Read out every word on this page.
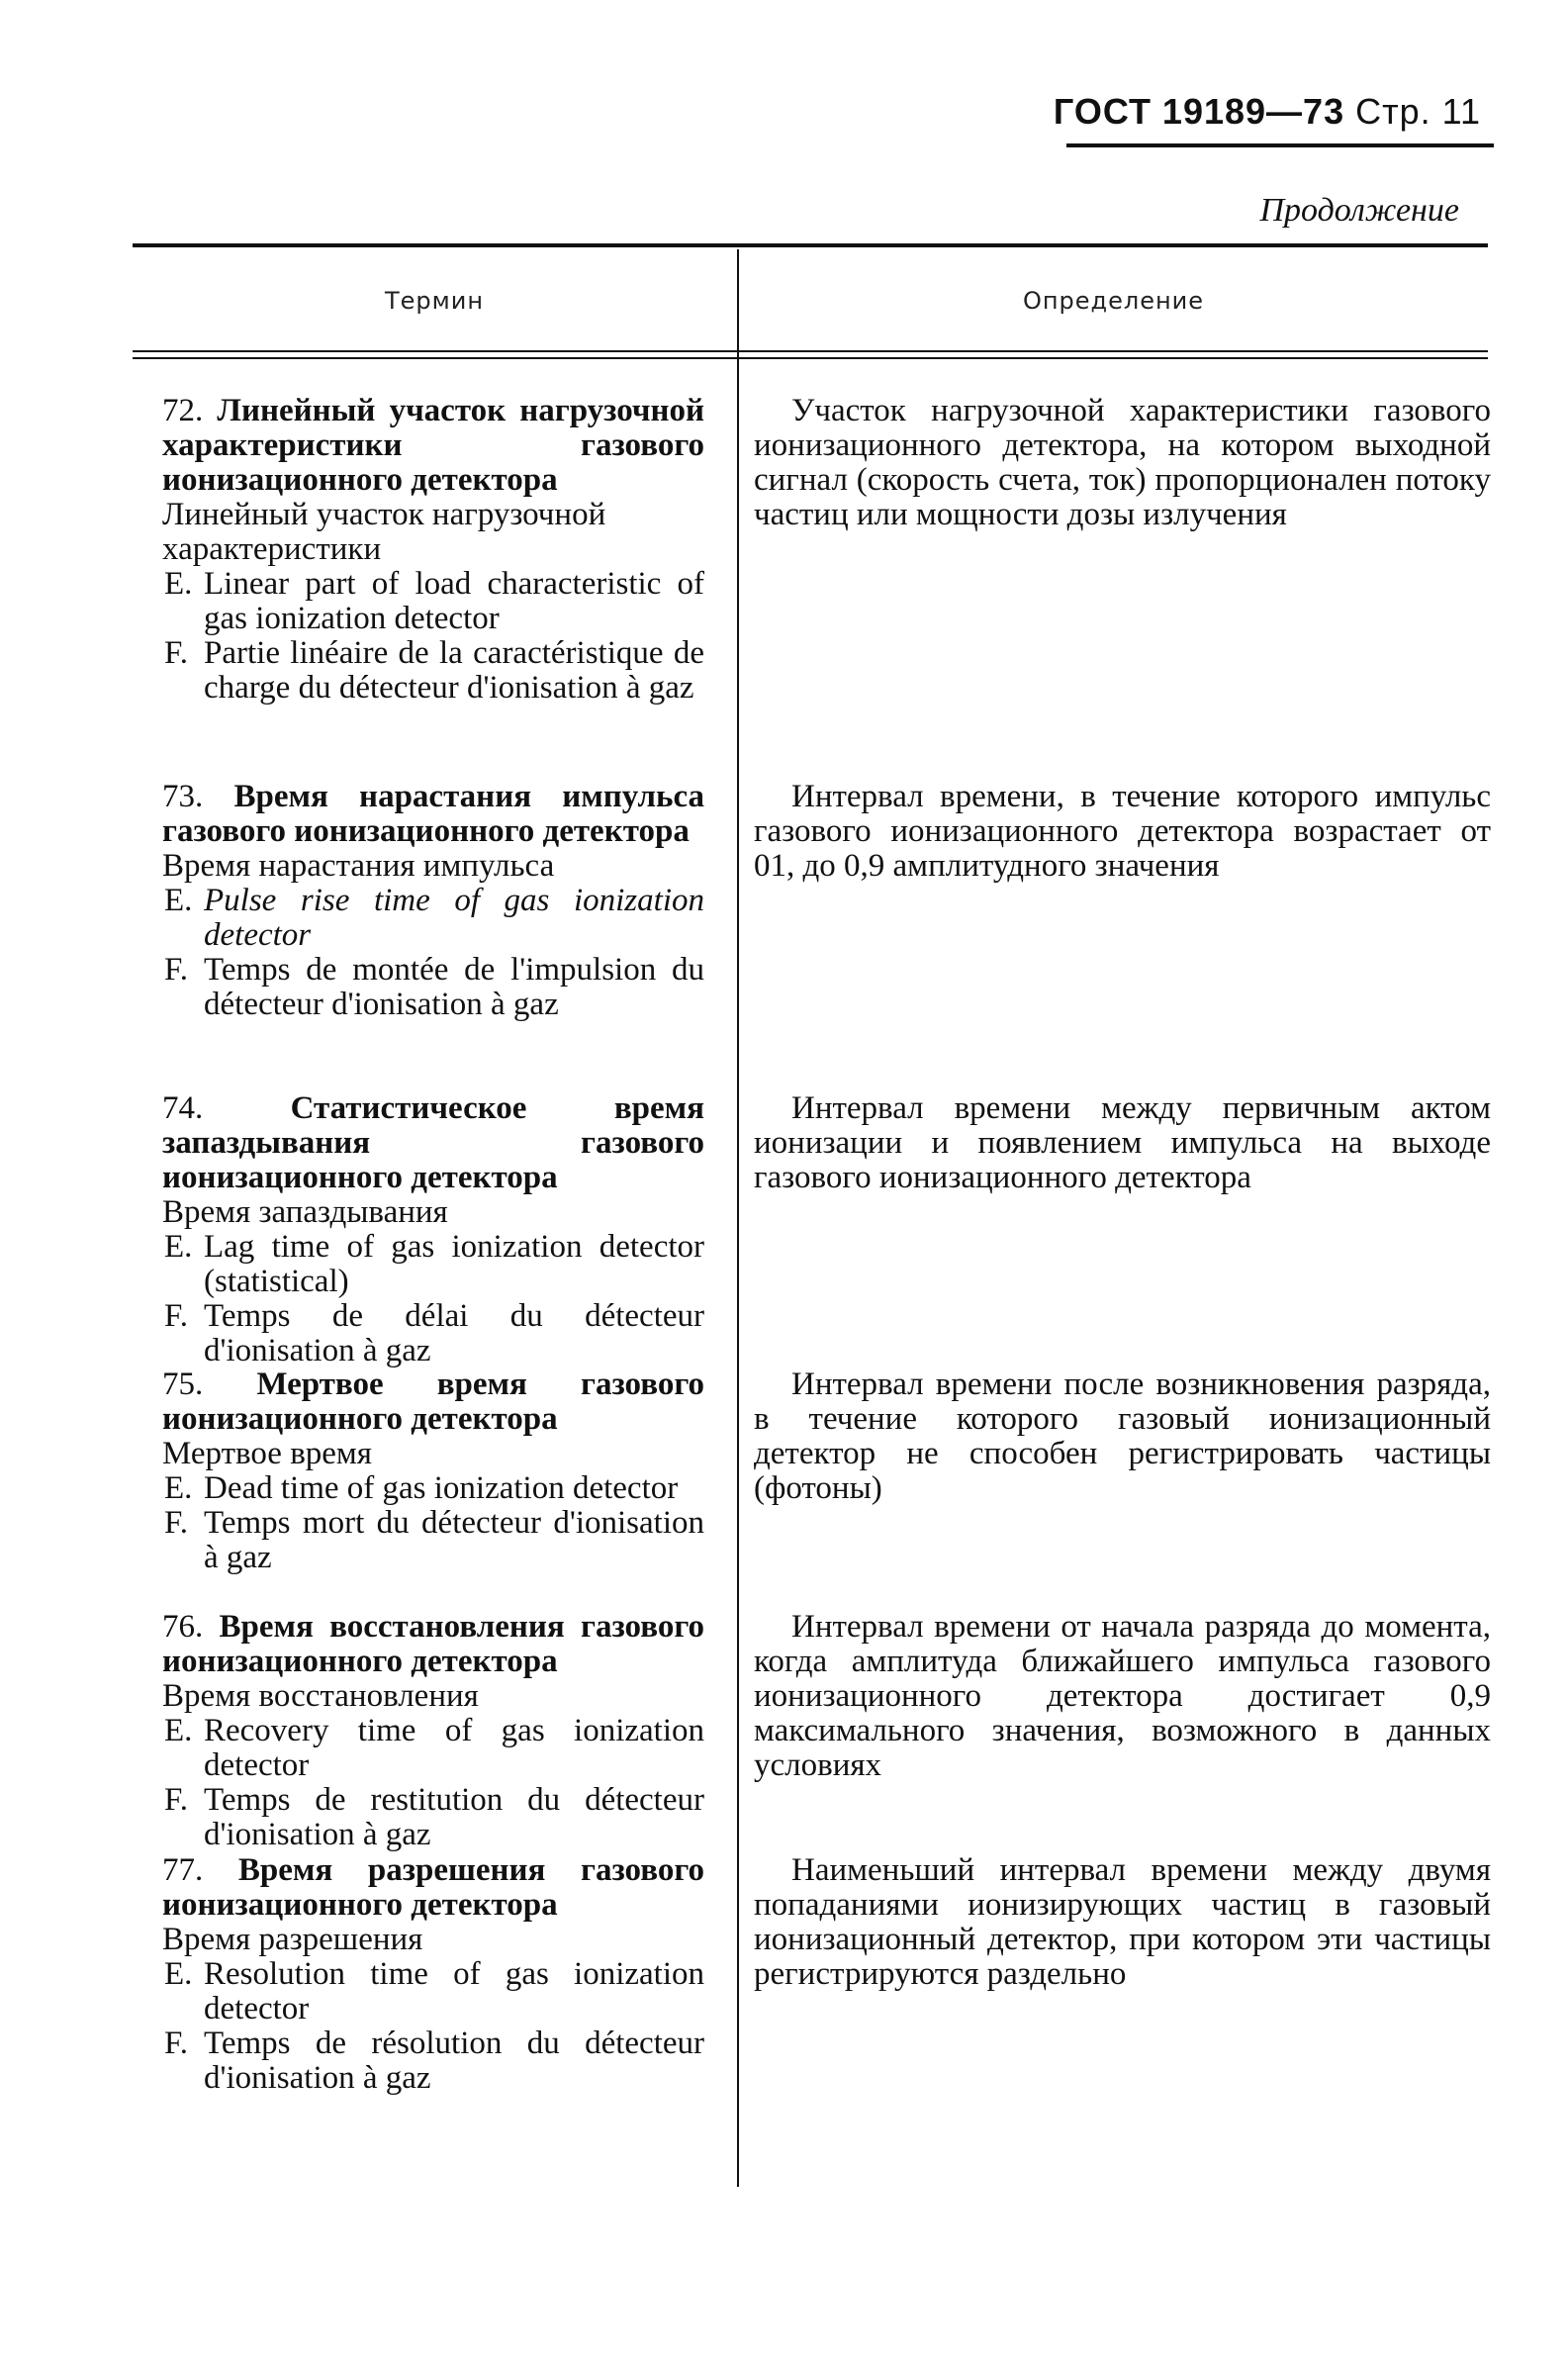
ГОСТ 19189—73 Стр. 11
Продолжение
Термин	Определение
72. Линейный участок нагрузочной характеристики газового ионизационного детектора
Линейный участок нагрузочной характеристики
E. Linear part of load characteristic of gas ionization detector
F. Partie linéaire de la caractéristique de charge du détecteur d'ionisation à gaz
Участок нагрузочной характеристики газового ионизационного детектора, на котором выходной сигнал (скорость счета, ток) пропорционален потоку частиц или мощности дозы излучения
73. Время нарастания импульса газового ионизационного детектора
Время нарастания импульса
E. Pulse rise time of gas ionization detector
F. Temps de montée de l'impulsion du détecteur d'ionisation à gaz
Интервал времени, в течение которого импульс газового ионизационного детектора возрастает от 01, до 0,9 амплитудного значения
74.	Статистическое время запаздывания газового ионизационного детектора
Время запаздывания
E. Lag time of gas ionization detector (statistical)
F. Temps de délai du détecteur d'ionisation à gaz
Интервал времени между первичным актом ионизации и появлением импульса на выходе газового ионизационного детектора
75. Мертвое время газового ионизационного детектора
Мертвое время
E. Dead time of gas ionization detector
F. Temps mort du détecteur d'ionisation à gaz
Интервал времени после возникновения разряда, в течение которого газовый ионизационный детектор не способен регистрировать частицы (фотоны)
76. Время восстановления газового ионизационного детектора
Время восстановления
E. Recovery time of gas ionization detector
F. Temps de restitution du détecteur d'ionisation à gaz
Интервал времени от начала разряда до момента, когда амплитуда ближайшего импульса газового ионизационного детектора достигает 0,9 максимального значения, возможного в данных условиях
77. Время разрешения газового ионизационного детектора
Время разрешения
E. Resolution time of gas ionization detector
F. Temps de résolution du détecteur d'ionisation à gaz
Наименьший интервал времени между двумя попаданиями ионизирующих частиц в газовый ионизационный детектор, при котором эти частицы регистрируются раздельно
